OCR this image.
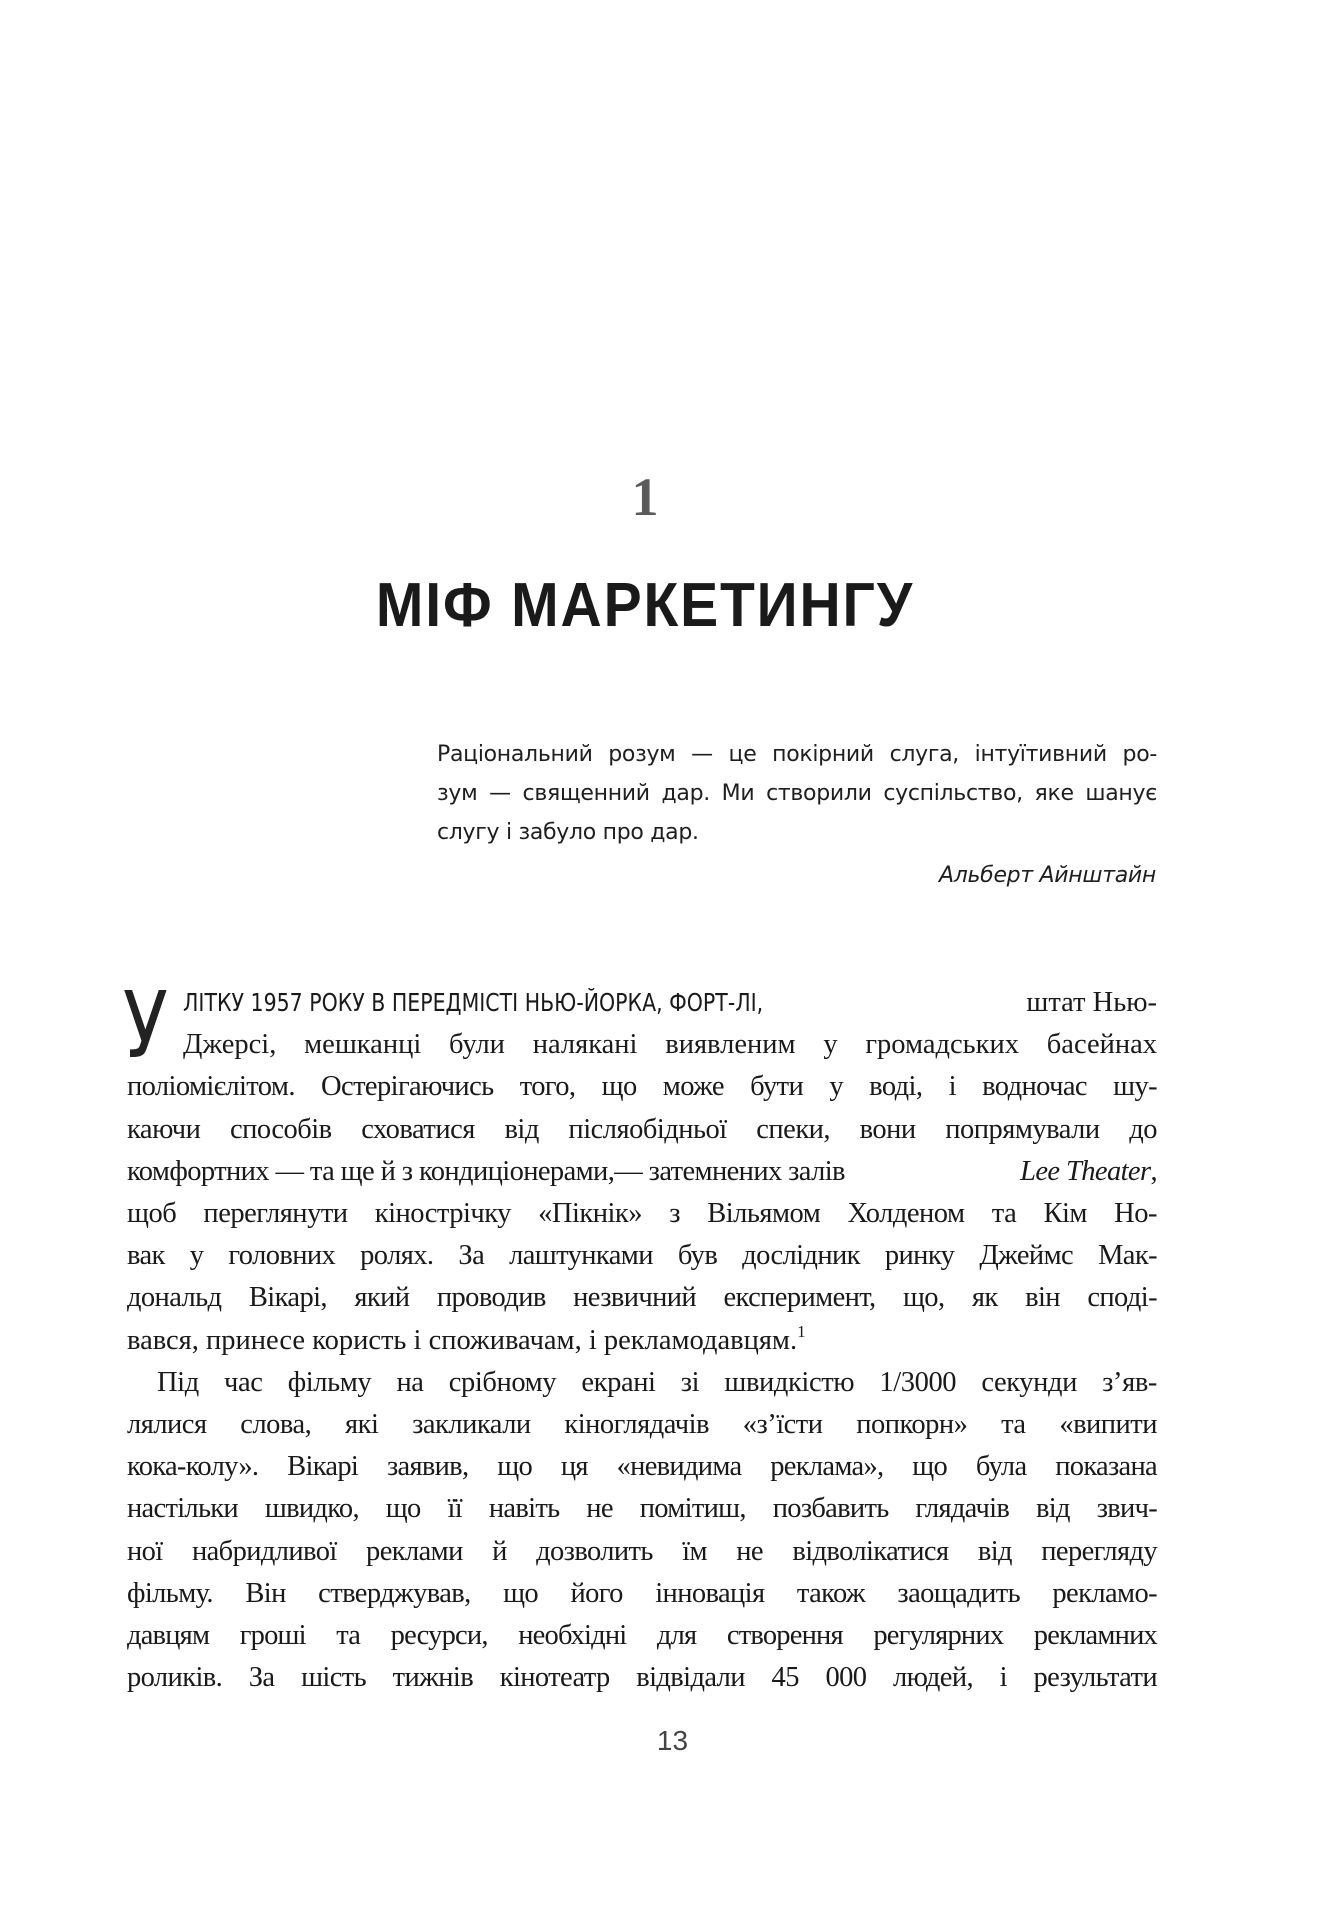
1
МІФ МАРКЕТИНГУ
Раціональний розум — це покірний слуга, інтуїтивний ро-
зум — священний дар. Ми створили суспільство, яке шанує
слугу і забуло про дар.
Альберт Айнштайн
У ЛІТКУ 1957 РОКУ В ПЕРЕДМІСТІ НЬЮ-ЙОРКА, ФОРТ-ЛІ,	штат Нью-
Джерсі, мешканці були налякані виявленим у громадських басейнах
поліомієлітом. Остерігаючись того, що може бути у воді, і водночас шу-
каючи способів сховатися від післяобідньої спеки, вони попрямували до
комфортних — та ще й з кондиціонерами,— затемнених залів	Lee Theater,
щоб переглянути кінострічку «Пікнік» з Вільямом Холденом та Кім Но-
вак у головних ролях. За лаштунками був дослідник ринку Джеймс Мак-
дональд Вікарі, який проводив незвичний експеримент, що, як він споді-
вався, принесе користь і споживачам, і рекламодавцям.$^1$
Під час фільму на срібному екрані зі швидкістю 1/3000 секунди з’яв-
лялися слова, які закликали кіноглядачів «з’їсти попкорн» та «випити
кока-колу». Вікарі заявив, що ця «невидима реклама», що була показана
настільки швидко, що її навіть не помітиш, позбавить глядачів від звич-
ної набридливої реклами й дозволить їм не відволікатися від перегляду
фільму. Він стверджував, що його інновація також заощадить рекламо-
давцям гроші та ресурси, необхідні для створення регулярних рекламних
роликів. За шість тижнів кінотеатр відвідали 45 000 людей, і результати
13
